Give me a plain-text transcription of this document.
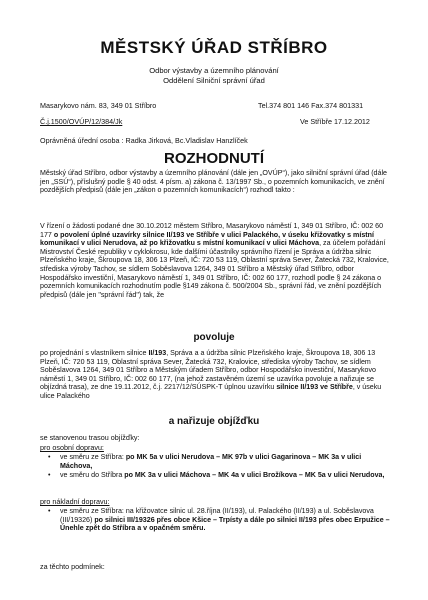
MĚSTSKÝ ÚŘAD STŘÍBRO
Odbor výstavby a územního plánování
Oddělení Silniční správní úřad
Masarykovo nám. 83, 349 01 Stříbro	Tel.374 801 146 Fax.374 801331
Č.j.1500/OVÚP/12/384/Jk	Ve Stříbře 17.12.2012
Oprávněná úřední osoba : Radka Jirková, Bc.Vladislav Hanzlíček
ROZHODNUTÍ
Městský úřad Stříbro, odbor výstavby a územního plánování (dále jen „OVÚP“), jako silniční správní úřad (dále jen „SSÚ“), příslušný podle § 40 odst. 4 písm. a) zákona č. 13/1997 Sb., o pozemních komunikacích, ve znění pozdějších předpisů (dále jen „zákon o pozemních komunikacích“) rozhodl takto :
V řízení o žádosti podané dne 30.10.2012 městem Stříbro, Masarykovo náměstí 1, 349 01 Stříbro, IČ: 002 60 177 o povolení úplné uzavírky silnice II/193 ve Stříbře v ulici Palackého, v úseku křižovatky s místní komunikací v ulici Nerudova, až po křižovatku s místní komunikací v ulici Máchova, za účelem pořádání Mistrovství České republiky v cyklokrosu, kde dalšími účastníky správního řízení je Správa a údržba silnic Plzeňského kraje, Škroupova 18, 306 13 Plzeň, IČ: 720 53 119, Oblastní správa Sever, Žatecká 732, Kralovice, střediska výroby Tachov, se sídlem Soběslavova 1264, 349 01 Stříbro a Městský úřad Stříbro, odbor Hospodářsko investiční, Masarykovo náměstí 1, 349 01 Stříbro, IČ: 002 60 177, rozhodl podle § 24 zákona o pozemních komunikacích rozhodnutím podle §149 zákona č. 500/2004 Sb., správní řád, ve znění pozdějších předpisů (dále jen "správní řád") tak, že
povoluje
po projednání s vlastníkem silnice II/193, Správa a a údržba silnic Plzeňského kraje, Škroupova 18, 306 13 Plzeň, IČ: 720 53 119, Oblastní správa Sever, Žatecká 732, Kralovice, střediska výroby Tachov, se sídlem Soběslavova 1264, 349 01 Stříbro a Městským úřadem Stříbro, odbor Hospodářsko investiční, Masarykovo náměstí 1, 349 01 Stříbro, IČ: 002 60 177, (na jehož zastavěném území se uzavírka povoluje a nařizuje se objízdná trasa), ze dne 19.11.2012, č.j. 2217/12/SÚSPK-T úplnou uzavírku silnice II/193 ve Stříbře, v úseku ulice Palackého
a nařizuje objížďku
se stanovenou trasou objížďky:
pro osobní dopravu:
• ve směru ze Stříbra: po MK 5a v ulici Nerudova – MK 97b v ulici Gagarinova – MK 3a v ulici Máchova,
• ve směru do Stříbra po MK 3a v ulici Máchova – MK 4a v ulici Brožíkova – MK 5a v ulici Nerudova,
pro nákladní dopravu:
• ve směru ze Stříbra: na křižovatce silnic ul. 28.října (II/193), ul. Palackého (II/193) a ul. Soběslavova (III/19326) po silnici III/19326 přes obce Kšice – Trpísty a dále po silnici II/193 přes obec Erpužice – Únehle zpět do Stříbra a v opačném směru.
za těchto podmínek:
